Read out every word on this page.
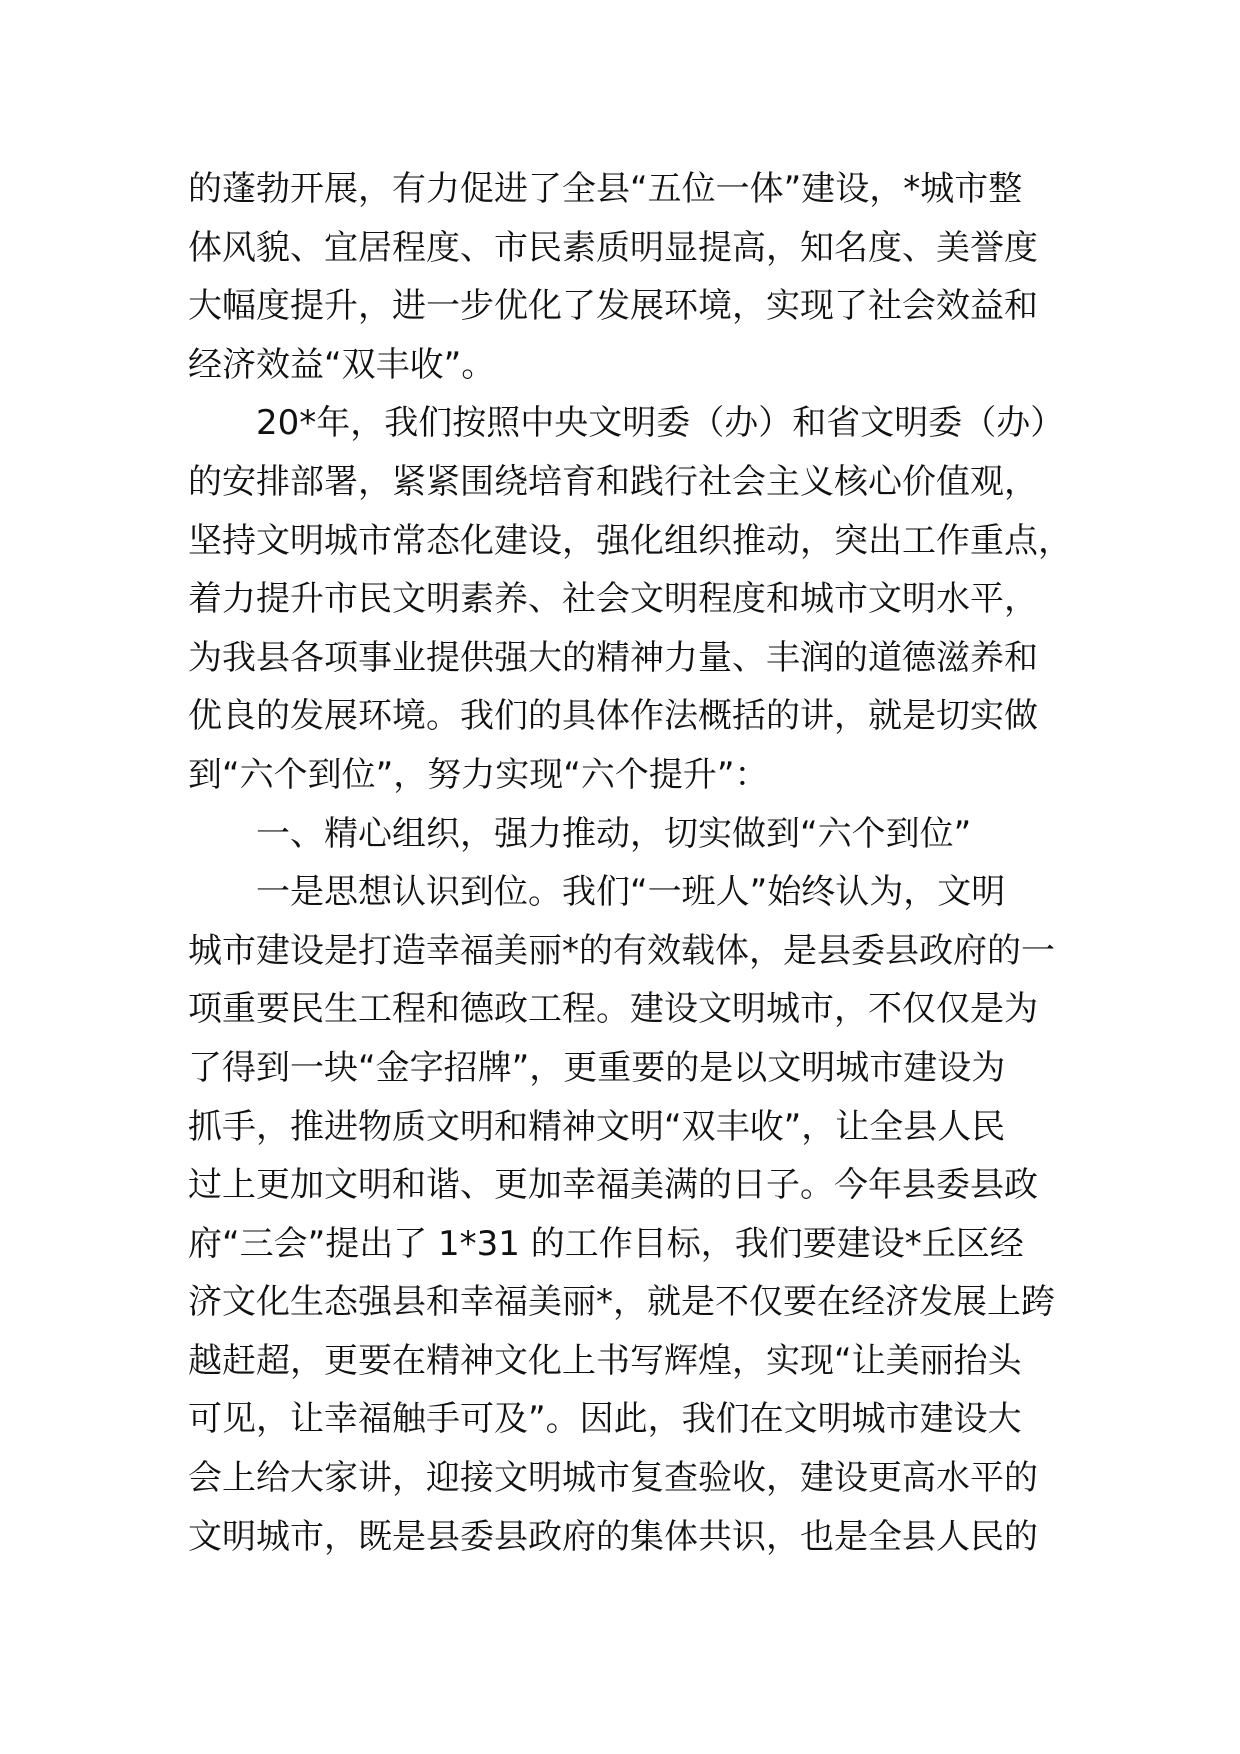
的蓬勃开展，有力促进了全县“五位一体”建设，*城市整
体风貌、宜居程度、市民素质明显提高，知名度、美誉度
大幅度提升，进一步优化了发展环境，实现了社会效益和
经济效益“双丰收”。
20*年，我们按照中央文明委（办）和省文明委（办）
的安排部署，紧紧围绕培育和践行社会主义核心价值观，
坚持文明城市常态化建设，强化组织推动，突出工作重点，
着力提升市民文明素养、社会文明程度和城市文明水平，
为我县各项事业提供强大的精神力量、丰润的道德滋养和
优良的发展环境。我们的具体作法概括的讲，就是切实做
到“六个到位”，努力实现“六个提升”：
一、精心组织，强力推动，切实做到“六个到位”
一是思想认识到位。我们“一班人”始终认为，文明
城市建设是打造幸福美丽*的有效载体，是县委县政府的一
项重要民生工程和德政工程。建设文明城市，不仅仅是为
了得到一块“金字招牌”，更重要的是以文明城市建设为
抓手，推进物质文明和精神文明“双丰收”，让全县人民
过上更加文明和谐、更加幸福美满的日子。今年县委县政
府“三会”提出了 1*31 的工作目标，我们要建设*丘区经
济文化生态强县和幸福美丽*，就是不仅要在经济发展上跨
越赶超，更要在精神文化上书写辉煌，实现“让美丽抬头
可见，让幸福触手可及”。因此，我们在文明城市建设大
会上给大家讲，迎接文明城市复查验收，建设更高水平的
文明城市，既是县委县政府的集体共识，也是全县人民的
